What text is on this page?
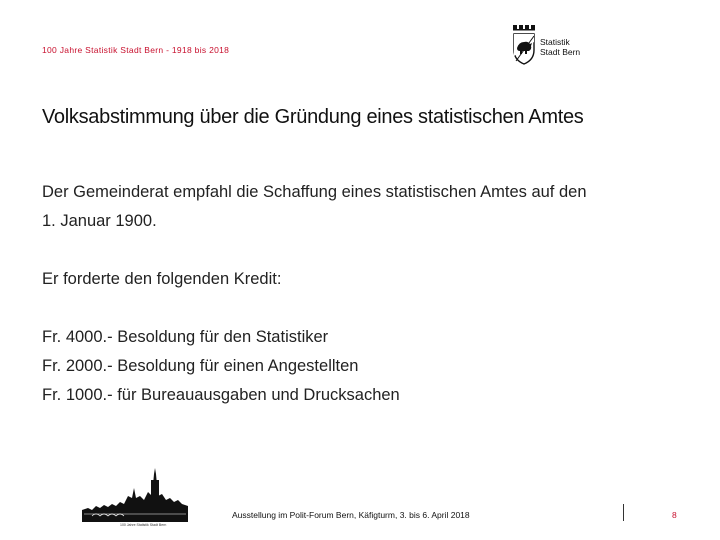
100 Jahre Statistik Stadt Bern - 1918 bis 2018
Statistik
Stadt Bern
Volksabstimmung über die Gründung eines statistischen Amtes

Der Gemeinderat empfahl die Schaffung eines statistischen Amtes auf den

1. Januar 1900.

Er forderte den folgenden Kredit:

Fr. 4000.- Besoldung für den Statistiker

Fr. 2000.- Besoldung für einen Angestellten

Fr. 1000.- für Bureauausgaben und Drucksachen

100 Jahre Statistik Stadt Bern
Ausstellung im Polit-Forum Bern, Käfigturm, 3. bis 6. April 2018	8
